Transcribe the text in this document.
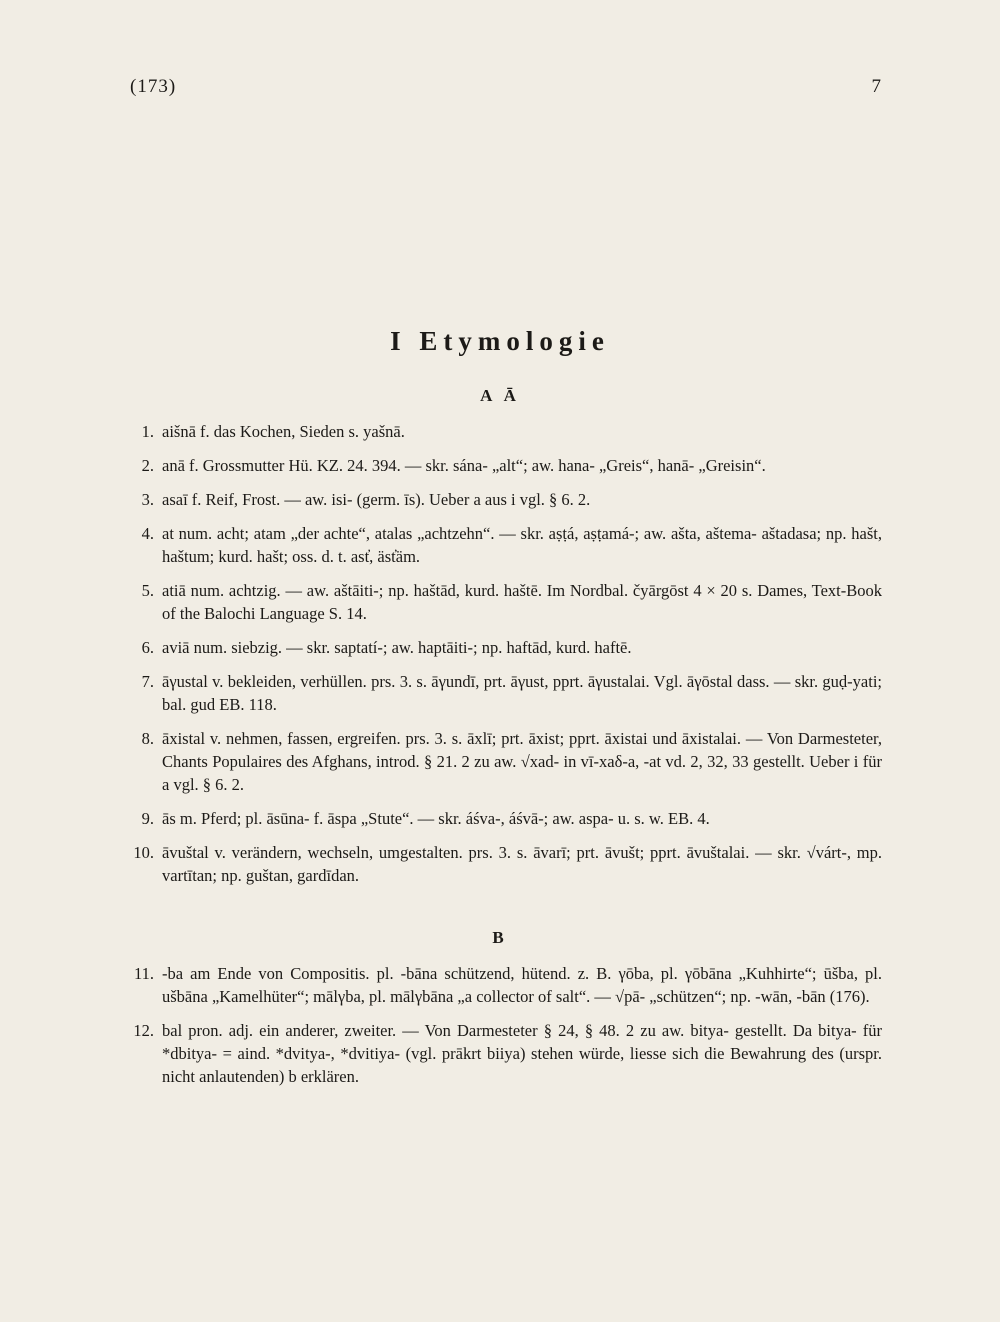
(173)	7
I Etymologie
A Ā
1. aišnā f. das Kochen, Sieden s. yašnā.
2. anā f. Grossmutter Hü. KZ. 24. 394. — skr. sána- „alt“; aw. hana- „Greis“, hanā- „Greisin“.
3. asaī f. Reif, Frost. — aw. isi- (germ. īs). Ueber a aus i vgl. § 6. 2.
4. at num. acht; atam „der achte“, atalas „achtzehn“. — skr. aṣṭá, aṣṭamá-; aw. ašta, aštema- aštadasa; np. hašt, haštum; kurd. hašt; oss. d. t. ast̓, äst̓äm.
5. atiā num. achtzig. — aw. aštāiti-; np. haštād, kurd. haštē. Im Nordbal. čyārgōst 4 × 20 s. Dames, Text-Book of the Balochi Language S. 14.
6. aviā num. siebzig. — skr. saptatí-; aw. haptāiti-; np. haftād, kurd. haftē.
7. āγustal v. bekleiden, verhüllen. prs. 3. s. āγundī, prt. āγust, pprt. āγustalai. Vgl. āγōstal dass. — skr. guḍ-yati; bal. gud EB. 118.
8. āxistal v. nehmen, fassen, ergreifen. prs. 3. s. āxlī; prt. āxist; pprt. āxistai und āxistalai. — Von Darmesteter, Chants Populaires des Afghans, introd. § 21. 2 zu aw. √xad- in vī-xaδ-a, -at vd. 2, 32, 33 gestellt. Ueber i für a vgl. § 6. 2.
9. ās m. Pferd; pl. āsūna- f. āspa „Stute“. — skr. áśva-, áśvā-; aw. aspa- u. s. w. EB. 4.
10. āvuštal v. verändern, wechseln, umgestalten. prs. 3. s. āvarī; prt. āvušt; pprt. āvuštalai. — skr. √várt-, mp. vartītan; np. guštan, gardīdan.
B
11. -ba am Ende von Compositis. pl. -bāna schützend, hütend. z. B. γōba, pl. γōbāna „Kuhhirte“; ūšba, pl. ušbāna „Kamelhüter“; mālγba, pl. mālγbāna „a collector of salt“. — √pā- „schützen“; np. -wān, -bān (176).
12. bal pron. adj. ein anderer, zweiter. — Von Darmesteter § 24, § 48. 2 zu aw. bitya- gestellt. Da bitya- für *dbitya- = aind. *dvitya-, *dvitiya- (vgl. prākrt biiya) stehen würde, liesse sich die Bewahrung des (urspr. nicht anlautenden) b erklären.
